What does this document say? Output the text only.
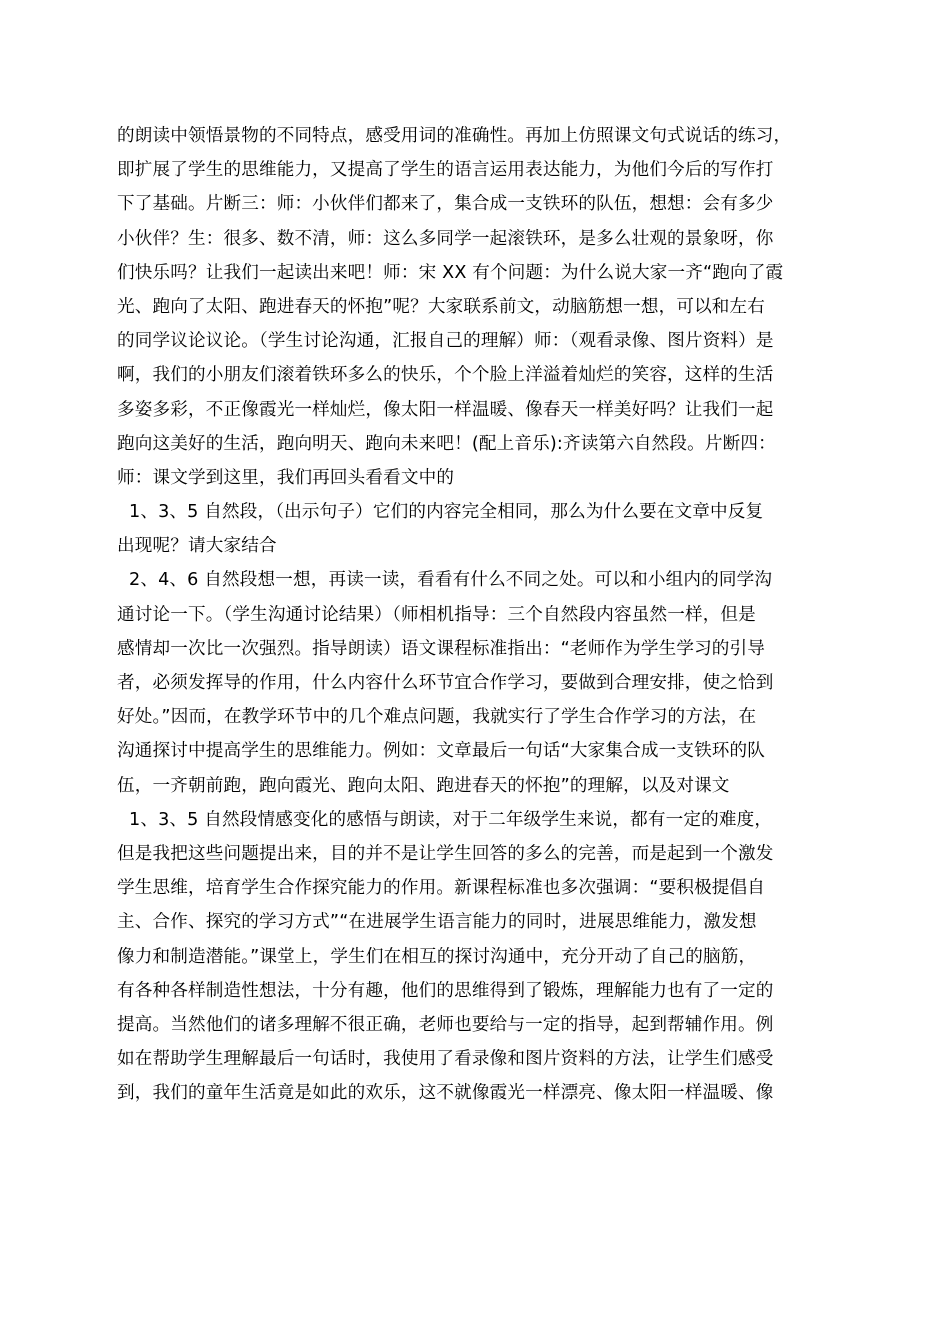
的朗读中领悟景物的不同特点，感受用词的准确性。再加上仿照课文句式说话的练习，
即扩展了学生的思维能力，又提高了学生的语言运用表达能力，为他们今后的写作打
下了基础。片断三：师：小伙伴们都来了，集合成一支铁环的队伍，想想：会有多少
小伙伴？生：很多、数不清，师：这么多同学一起滚铁环，是多么壮观的景象呀，你
们快乐吗？让我们一起读出来吧！师：宋 XX 有个问题：为什么说大家一齐“跑向了霞
光、跑向了太阳、跑进春天的怀抱”呢？大家联系前文，动脑筋想一想，可以和左右
的同学议论议论。（学生讨论沟通，汇报自己的理解）师：（观看录像、图片资料）是
啊，我们的小朋友们滚着铁环多么的快乐，个个脸上洋溢着灿烂的笑容，这样的生活
多姿多彩，不正像霞光一样灿烂，像太阳一样温暖、像春天一样美好吗？让我们一起
跑向这美好的生活，跑向明天、跑向未来吧！(配上音乐):齐读第六自然段。片断四：
师：课文学到这里，我们再回头看看文中的
1、3、5 自然段，（出示句子）它们的内容完全相同，那么为什么要在文章中反复
出现呢？请大家结合
2、4、6 自然段想一想，再读一读，看看有什么不同之处。可以和小组内的同学沟
通讨论一下。（学生沟通讨论结果）（师相机指导：三个自然段内容虽然一样，但是
感情却一次比一次强烈。指导朗读）语文课程标准指出：“老师作为学生学习的引导
者，必须发挥导的作用，什么内容什么环节宜合作学习，要做到合理安排，使之恰到
好处。”因而，在教学环节中的几个难点问题，我就实行了学生合作学习的方法，在
沟通探讨中提高学生的思维能力。例如：文章最后一句话“大家集合成一支铁环的队
伍，一齐朝前跑，跑向霞光、跑向太阳、跑进春天的怀抱”的理解，以及对课文
1、3、5 自然段情感变化的感悟与朗读，对于二年级学生来说，都有一定的难度，
但是我把这些问题提出来，目的并不是让学生回答的多么的完善，而是起到一个激发
学生思维，培育学生合作探究能力的作用。新课程标准也多次强调：“要积极提倡自
主、合作、探究的学习方式”“在进展学生语言能力的同时，进展思维能力，激发想
像力和制造潜能。”课堂上，学生们在相互的探讨沟通中，充分开动了自己的脑筋，
有各种各样制造性想法，十分有趣，他们的思维得到了锻炼，理解能力也有了一定的
提高。当然他们的诸多理解不很正确，老师也要给与一定的指导，起到帮辅作用。例
如在帮助学生理解最后一句话时，我使用了看录像和图片资料的方法，让学生们感受
到，我们的童年生活竟是如此的欢乐，这不就像霞光一样漂亮、像太阳一样温暖、像
